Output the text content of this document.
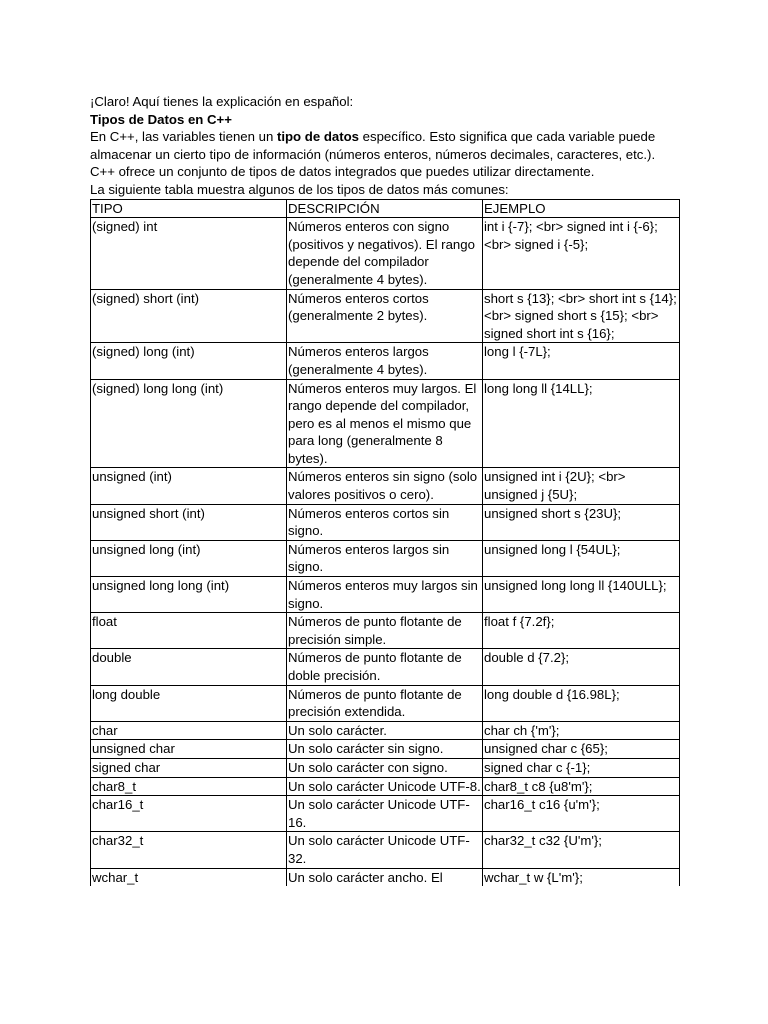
¡Claro! Aquí tienes la explicación en español:

Tipos de Datos en C++

En C++, las variables tienen un tipo de datos específico. Esto significa que cada variable puede almacenar un cierto tipo de información (números enteros, números decimales, caracteres, etc.). C++ ofrece un conjunto de tipos de datos integrados que puedes utilizar directamente.

La siguiente tabla muestra algunos de los tipos de datos más comunes:

TIPO	DESCRIPCIÓN	EJEMPLO
(signed) int	Números enteros con signo (positivos y negativos). El rango depende del compilador (generalmente 4 bytes).	int i {-7}; <br> signed int i {-6}; <br> signed i {-5};
(signed) short (int)	Números enteros cortos (generalmente 2 bytes).	short s {13}; <br> short int s {14}; <br> signed short s {15}; <br> signed short int s {16};
(signed) long (int)	Números enteros largos (generalmente 4 bytes).	long l {-7L};
(signed) long long (int)	Números enteros muy largos. El rango depende del compilador, pero es al menos el mismo que para long (generalmente 8 bytes).	long long ll {14LL};
unsigned (int)	Números enteros sin signo (solo valores positivos o cero).	unsigned int i {2U}; <br> unsigned j {5U};
unsigned short (int)	Números enteros cortos sin signo.	unsigned short s {23U};
unsigned long (int)	Números enteros largos sin signo.	unsigned long l {54UL};
unsigned long long (int)	Números enteros muy largos sin signo.	unsigned long long ll {140ULL};
float	Números de punto flotante de precisión simple.	float f {7.2f};
double	Números de punto flotante de doble precisión.	double d {7.2};
long double	Números de punto flotante de precisión extendida.	long double d {16.98L};
char	Un solo carácter.	char ch {'m'};
unsigned char	Un solo carácter sin signo.	unsigned char c {65};
signed char	Un solo carácter con signo.	signed char c {-1};
char8_t	Un solo carácter Unicode UTF-8.	char8_t c8 {u8'm'};
char16_t	Un solo carácter Unicode UTF-16.	char16_t c16 {u'm'};
char32_t	Un solo carácter Unicode UTF-32.	char32_t c32 {U'm'};
wchar_t	Un solo carácter ancho. El	wchar_t w {L'm'};
